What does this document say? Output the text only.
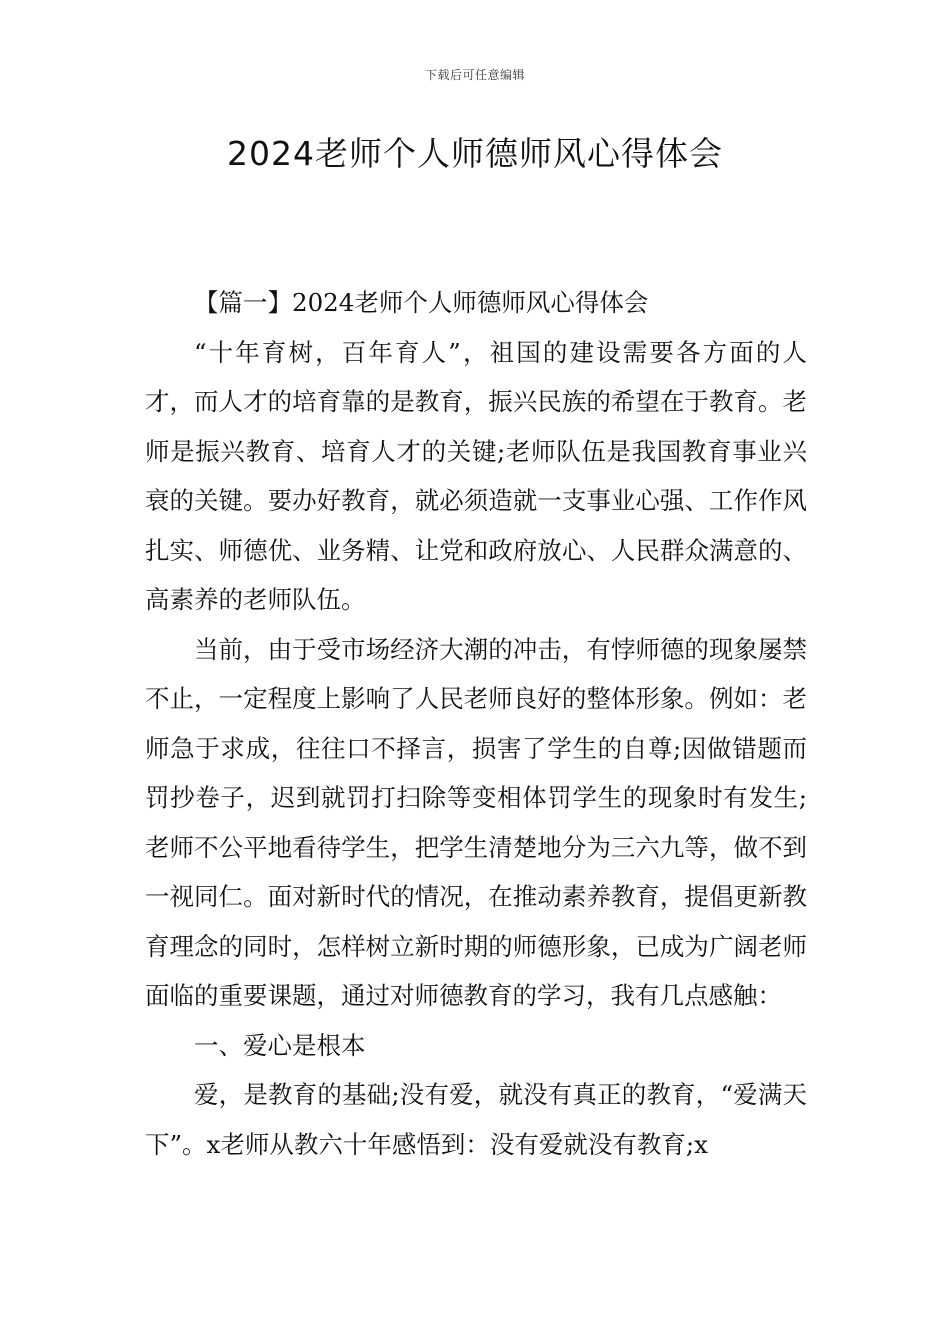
下载后可任意编辑
2024老师个人师德师风心得体会

【篇一】2024老师个人师德师风心得体会

“十年育树，百年育人”，祖国的建设需要各方面的人才，而人才的培育靠的是教育，振兴民族的希望在于教育。老师是振兴教育、培育人才的关键;老师队伍是我国教育事业兴衰的关键。要办好教育，就必须造就一支事业心强、工作作风扎实、师德优、业务精、让党和政府放心、人民群众满意的、高素养的老师队伍。

当前，由于受市场经济大潮的冲击，有悖师德的现象屡禁不止，一定程度上影响了人民老师良好的整体形象。例如：老师急于求成，往往口不择言，损害了学生的自尊;因做错题而罚抄卷子，迟到就罚打扫除等变相体罚学生的现象时有发生;老师不公平地看待学生，把学生清楚地分为三六九等，做不到一视同仁。面对新时代的情况，在推动素养教育，提倡更新教育理念的同时，怎样树立新时期的师德形象，已成为广阔老师面临的重要课题，通过对师德教育的学习，我有几点感触：

一、爱心是根本

爱，是教育的基础;没有爱，就没有真正的教育，“爱满天下”。x老师从教六十年感悟到：没有爱就没有教育;x
